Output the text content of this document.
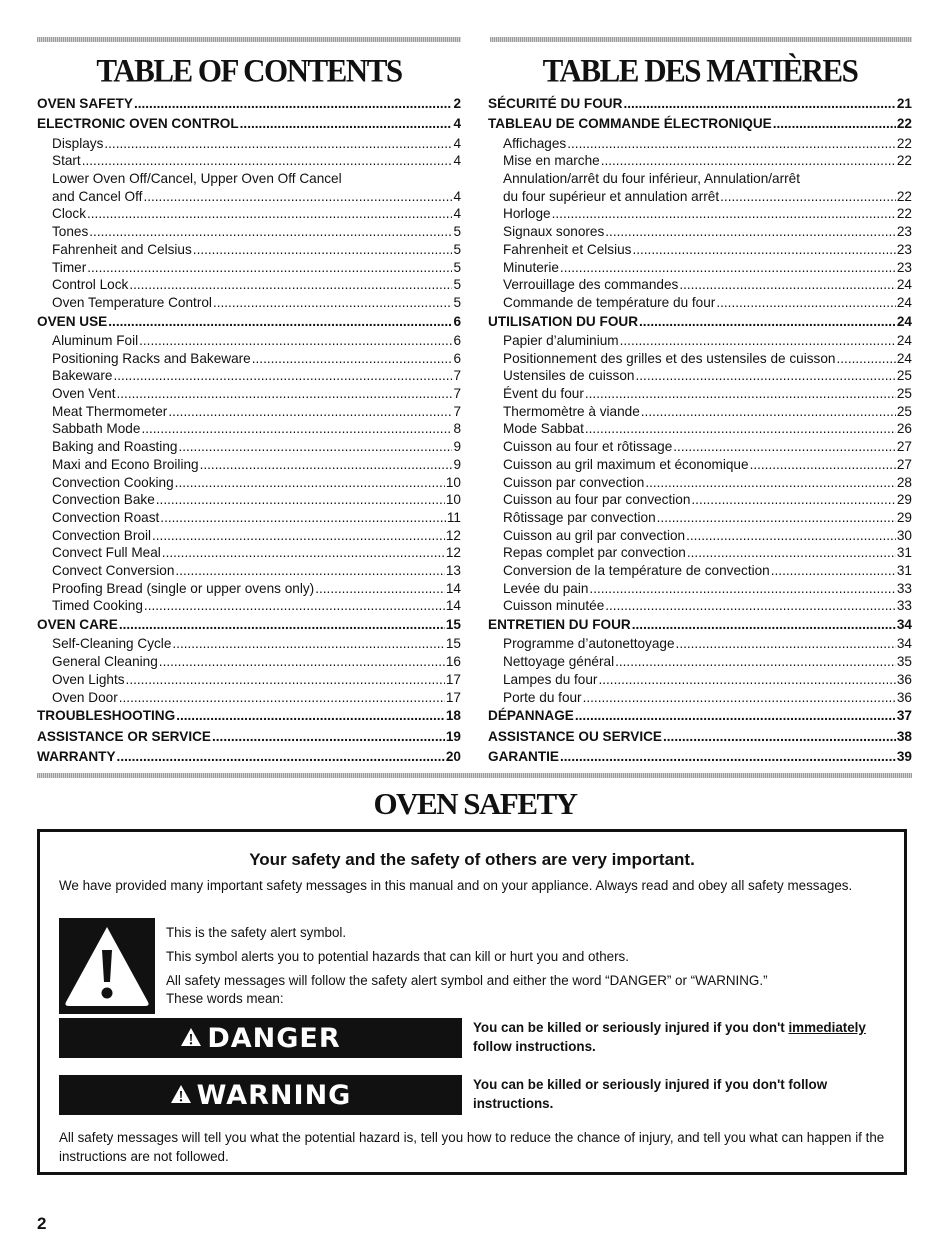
TABLE OF CONTENTS
OVEN SAFETY .....	2
ELECTRONIC OVEN CONTROL .....	4
Displays .....	4
Start .....	4
Lower Oven Off/Cancel, Upper Oven Off Cancel
and Cancel Off .....	4
Clock .....	4
Tones .....	5
Fahrenheit and Celsius .....	5
Timer .....	5
Control Lock .....	5
Oven Temperature Control .....	5
OVEN USE .....	6
Aluminum Foil .....	6
Positioning Racks and Bakeware .....	6
Bakeware .....	7
Oven Vent .....	7
Meat Thermometer .....	7
Sabbath Mode .....	8
Baking and Roasting .....	9
Maxi and Econo Broiling .....	9
Convection Cooking .....	10
Convection Bake .....	10
Convection Roast .....	11
Convection Broil .....	12
Convect Full Meal .....	12
Convect Conversion .....	13
Proofing Bread (single or upper ovens only) .....	14
Timed Cooking .....	14
OVEN CARE .....	15
Self-Cleaning Cycle .....	15
General Cleaning .....	16
Oven Lights .....	17
Oven Door .....	17
TROUBLESHOOTING .....	18
ASSISTANCE OR SERVICE .....	19
WARRANTY .....	20
TABLE DES MATIÈRES
SÉCURITÉ DU FOUR .....	21
TABLEAU DE COMMANDE ÉLECTRONIQUE .....	22
Affichages .....	22
Mise en marche .....	22
Annulation/arrêt du four inférieur, Annulation/arrêt
du four supérieur et annulation arrêt .....	22
Horloge .....	22
Signaux sonores .....	23
Fahrenheit et Celsius .....	23
Minuterie .....	23
Verrouillage des commandes .....	24
Commande de température du four .....	24
UTILISATION DU FOUR .....	24
Papier d’aluminium .....	24
Positionnement des grilles et des ustensiles de cuisson .....	24
Ustensiles de cuisson .....	25
Évent du four .....	25
Thermomètre à viande .....	25
Mode Sabbat .....	26
Cuisson au four et rôtissage .....	27
Cuisson au gril maximum et économique .....	27
Cuisson par convection .....	28
Cuisson au four par convection .....	29
Rôtissage par convection .....	29
Cuisson au gril par convection .....	30
Repas complet par convection .....	31
Conversion de la température de convection .....	31
Levée du pain .....	33
Cuisson minutée .....	33
ENTRETIEN DU FOUR .....	34
Programme d’autonettoyage .....	34
Nettoyage général .....	35
Lampes du four .....	36
Porte du four .....	36
DÉPANNAGE .....	37
ASSISTANCE OU SERVICE .....	38
GARANTIE .....	39
OVEN SAFETY
Your safety and the safety of others are very important.
We have provided many important safety messages in this manual and on your appliance. Always read and obey all safety messages.
This is the safety alert symbol.
This symbol alerts you to potential hazards that can kill or hurt you and others.
All safety messages will follow the safety alert symbol and either the word “DANGER” or “WARNING.”
These words mean:
DANGER	You can be killed or seriously injured if you don't immediately
follow instructions.
WARNING	You can be killed or seriously injured if you don't follow instructions.
All safety messages will tell you what the potential hazard is, tell you how to reduce the chance of injury, and tell you what can happen if the instructions are not followed.
2
